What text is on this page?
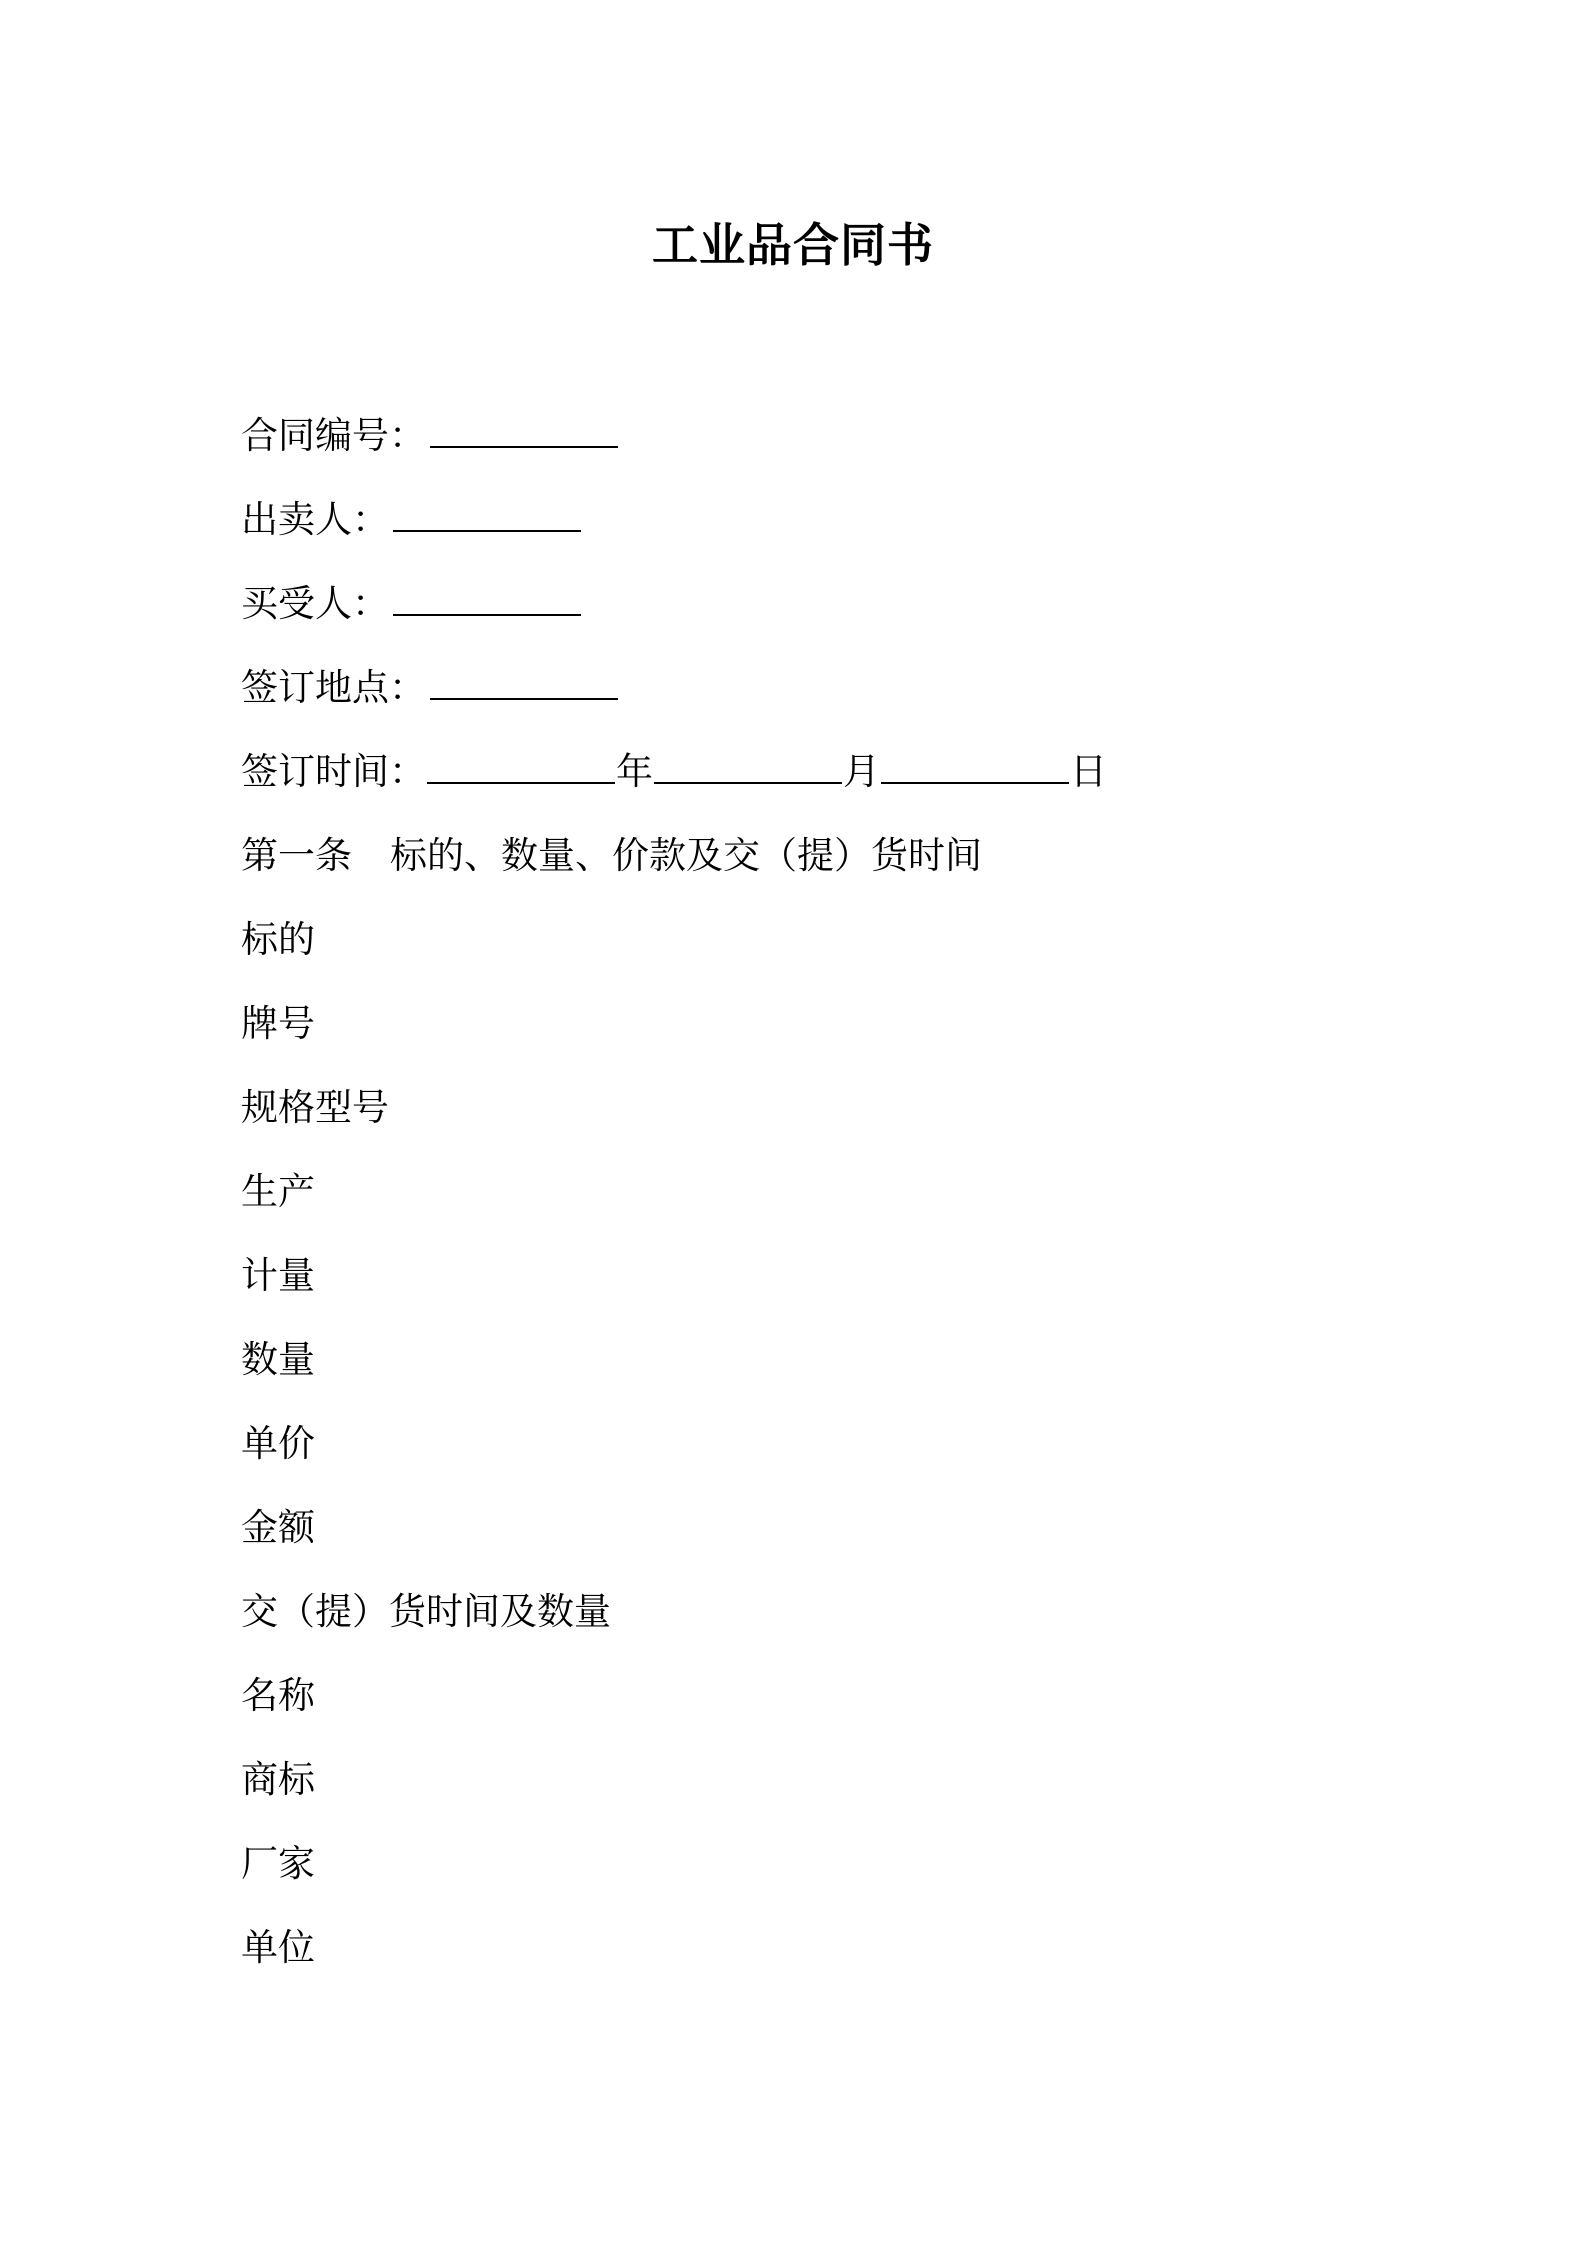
工业品合同书
合同编号：
出卖人：
买受人：
签订地点：
签订时间：	年	月	日
第一条 标的、数量、价款及交（提）货时间
标的
牌号
规格型号
生产
计量
数量
单价
金额
交（提）货时间及数量
名称
商标
厂家
单位
